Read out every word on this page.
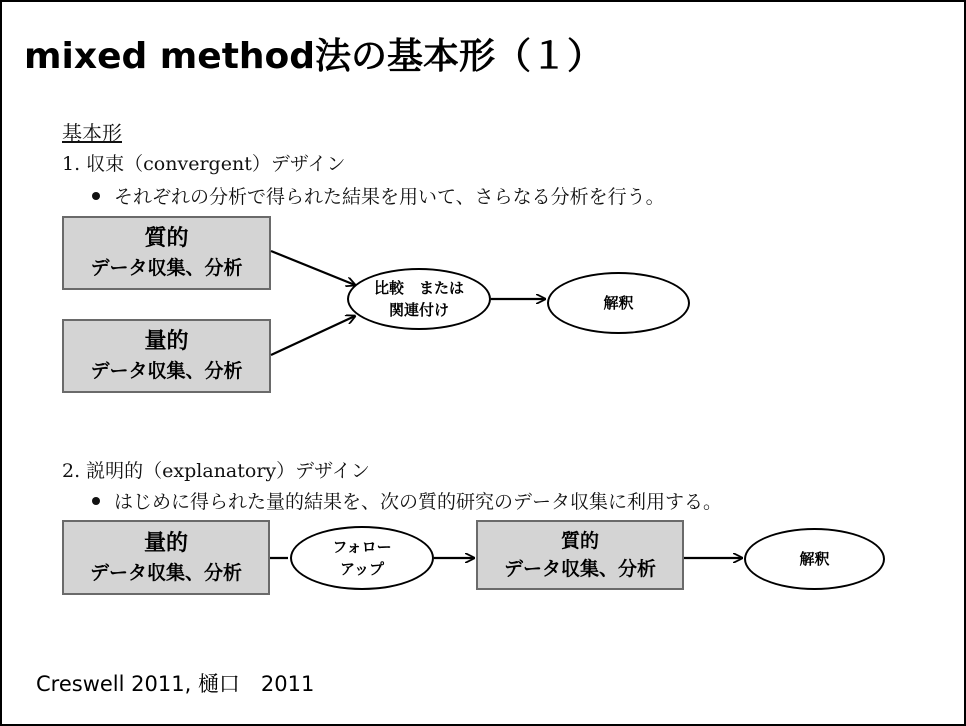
mixed method法の基本形（１）
基本形
1. 収束（convergent）デザイン
それぞれの分析で得られた結果を用いて、さらなる分析を行う。
質的
データ収集、分析
量的
データ収集、分析
比較　または
関連付け	解釈
2. 説明的（explanatory）デザイン
はじめに得られた量的結果を、次の質的研究のデータ収集に利用する。
量的
データ収集、分析
フォロー
アップ
質的
データ収集、分析	解釈
Creswell 2011, 樋口　2011
